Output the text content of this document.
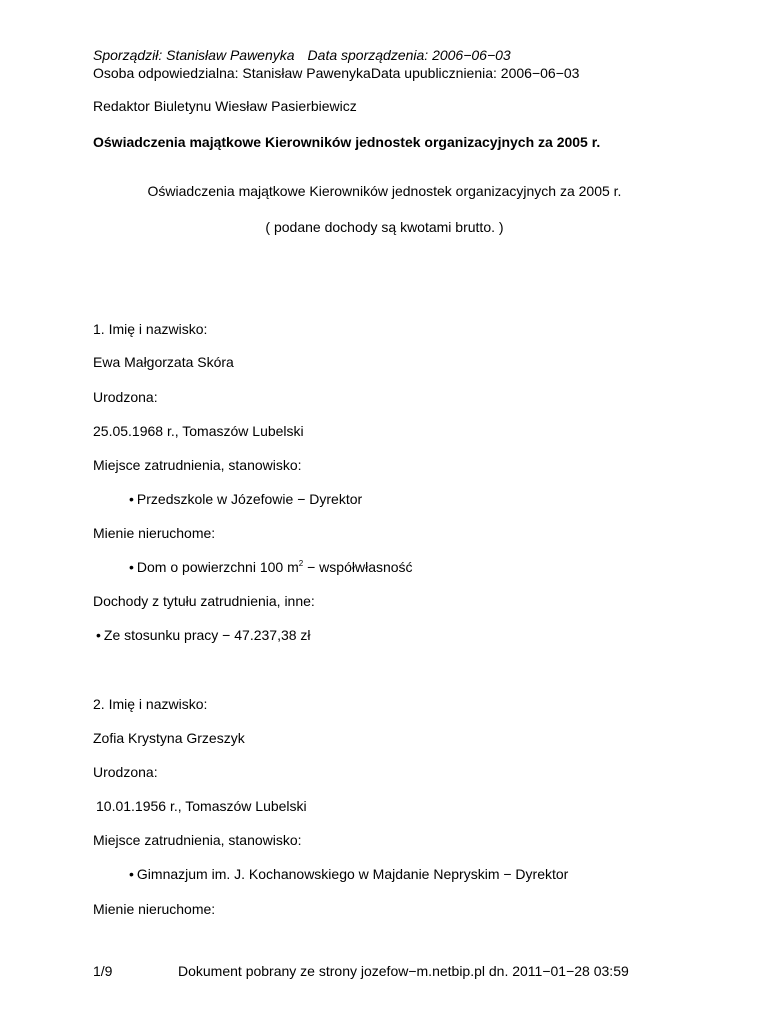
Sporządził: Stanisław Pawenyka Data sporządzenia: 2006−06−03
Osoba odpowiedzialna: Stanisław PawenykaData upublicznienia: 2006−06−03
Redaktor Biuletynu Wiesław Pasierbiewicz
Oświadczenia majątkowe Kierowników jednostek organizacyjnych za 2005 r.
Oświadczenia majątkowe Kierowników jednostek organizacyjnych za 2005 r.
( podane dochody są kwotami brutto. )
1. Imię i nazwisko:
Ewa Małgorzata Skóra
Urodzona:
25.05.1968 r., Tomaszów Lubelski
Miejsce zatrudnienia, stanowisko:
• Przedszkole w Józefowie − Dyrektor
Mienie nieruchome:
• Dom o powierzchni 100 $m^2$ − współwłasność
Dochody z tytułu zatrudnienia, inne:
• Ze stosunku pracy − 47.237,38 zł
2. Imię i nazwisko:
Zofia Krystyna Grzeszyk
Urodzona:
10.01.1956 r., Tomaszów Lubelski
Miejsce zatrudnienia, stanowisko:
• Gimnazjum im. J. Kochanowskiego w Majdanie Nepryskim − Dyrektor
Mienie nieruchome:
1/9	Dokument pobrany ze strony jozefow−m.netbip.pl dn. 2011−01−28 03:59
